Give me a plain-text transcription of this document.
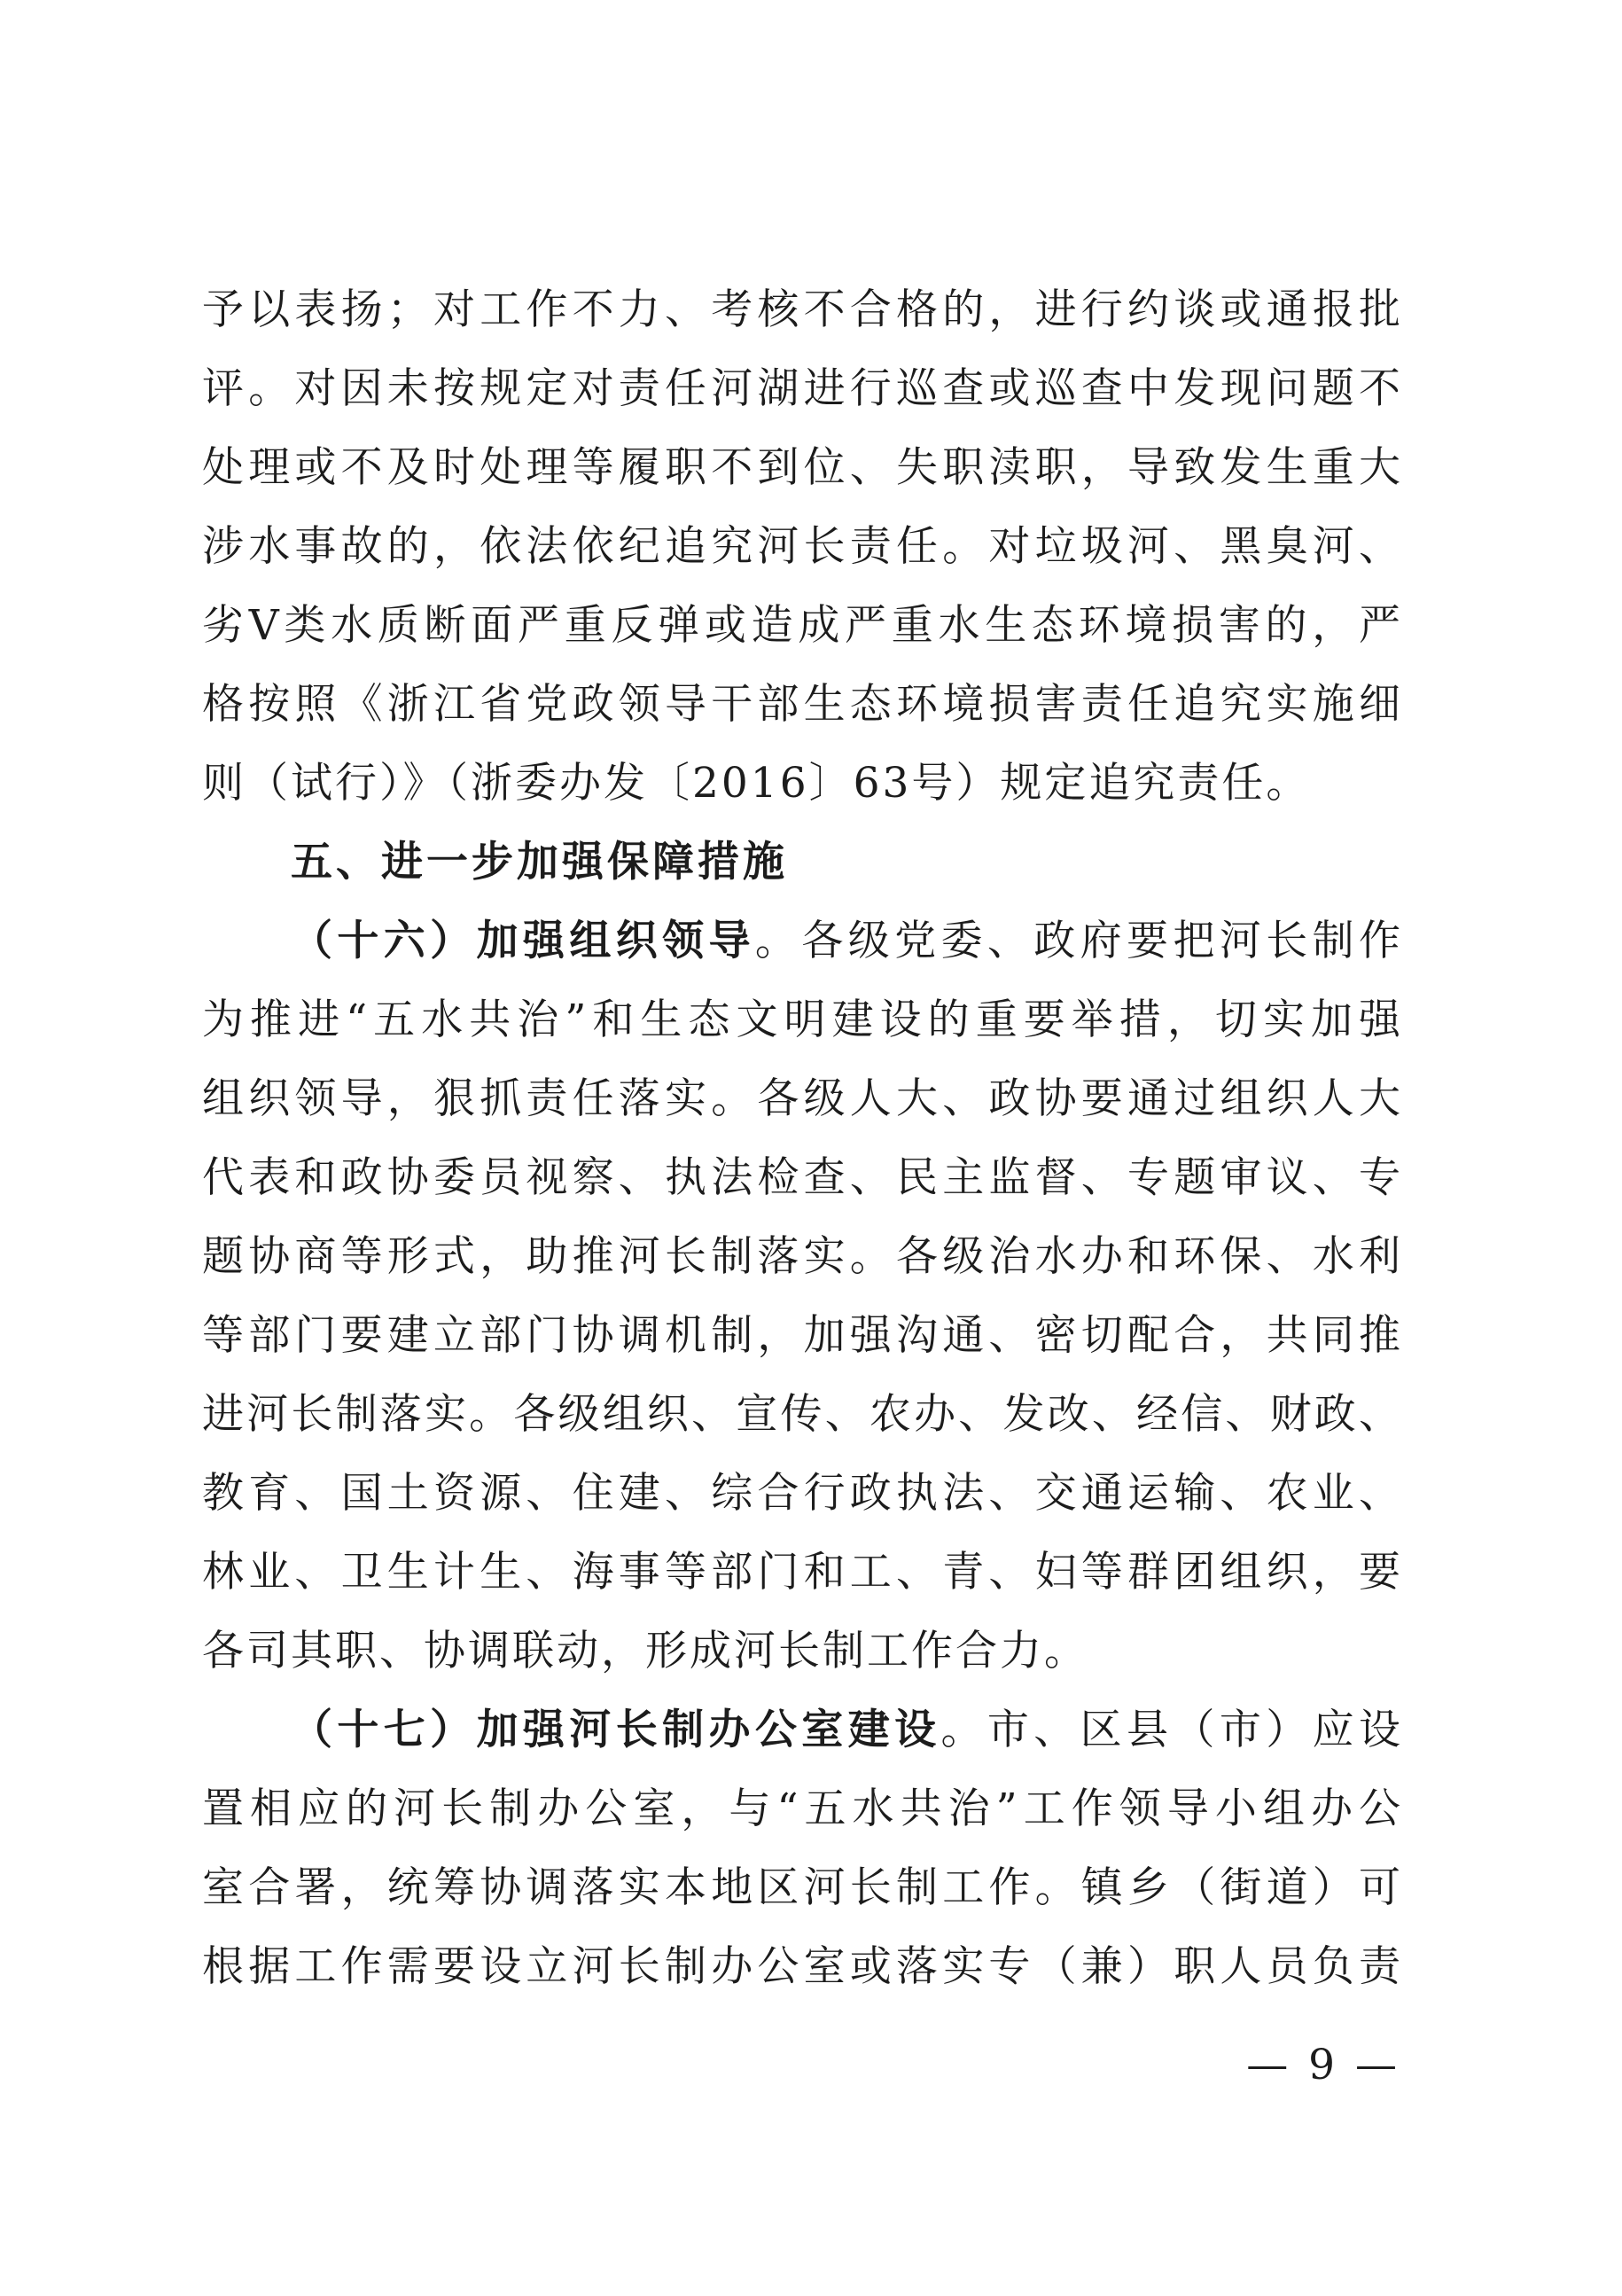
予以表扬；对工作不力、考核不合格的，进行约谈或通报批
评。对因未按规定对责任河湖进行巡查或巡查中发现问题不
处理或不及时处理等履职不到位、失职渎职，导致发生重大
涉水事故的，依法依纪追究河长责任。对垃圾河、黑臭河、
劣V类水质断面严重反弹或造成严重水生态环境损害的，严
格按照《浙江省党政领导干部生态环境损害责任追究实施细
则（试行）》（浙委办发〔2016〕63号）规定追究责任。
五、进一步加强保障措施
（十六）加强组织领导。各级党委、政府要把河长制作
为推进“五水共治”和生态文明建设的重要举措，切实加强
组织领导，狠抓责任落实。各级人大、政协要通过组织人大
代表和政协委员视察、执法检查、民主监督、专题审议、专
题协商等形式，助推河长制落实。各级治水办和环保、水利
等部门要建立部门协调机制，加强沟通、密切配合，共同推
进河长制落实。各级组织、宣传、农办、发改、经信、财政、
教育、国土资源、住建、综合行政执法、交通运输、农业、
林业、卫生计生、海事等部门和工、青、妇等群团组织，要
各司其职、协调联动，形成河长制工作合力。
（十七）加强河长制办公室建设。市、区县（市）应设
置相应的河长制办公室，与“五水共治”工作领导小组办公
室合署，统筹协调落实本地区河长制工作。镇乡（街道）可
根据工作需要设立河长制办公室或落实专（兼）职人员负责
— 9 —
